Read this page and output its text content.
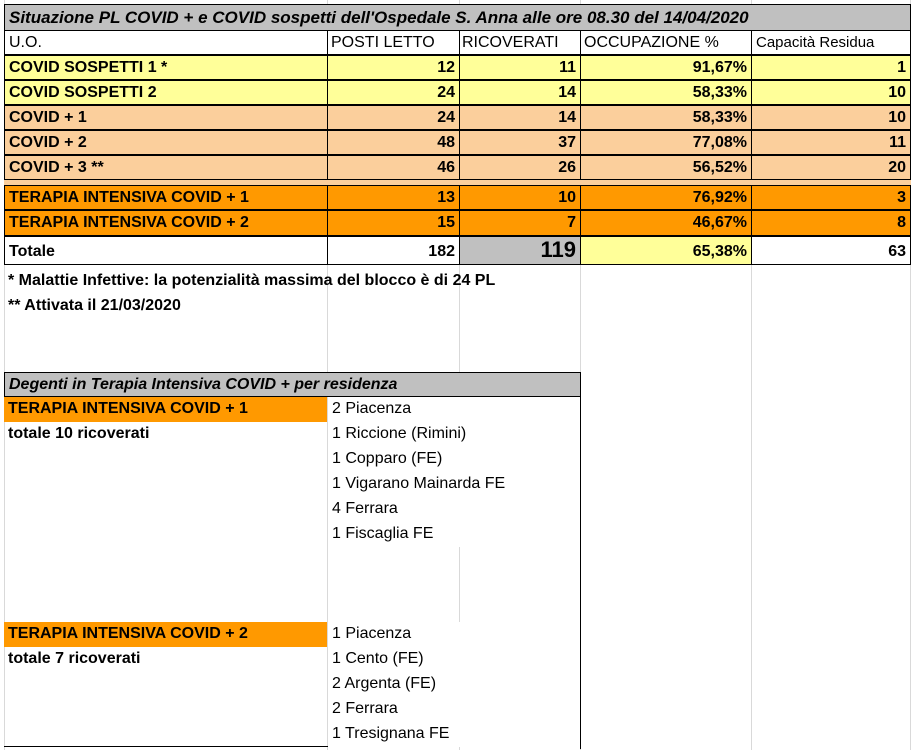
Situazione PL COVID + e COVID sospetti dell'Ospedale S. Anna alle ore 08.30 del 14/04/2020
U.O.	POSTI LETTO	RICOVERATI	OCCUPAZIONE %	Capacità Residua
COVID SOSPETTI 1 *	12	11	91,67%	1
COVID SOSPETTI 2	24	14	58,33%	10
COVID + 1	24	14	58,33%	10
COVID + 2	48	37	77,08%	11
COVID + 3 **	46	26	56,52%	20
TERAPIA INTENSIVA COVID + 1	13	10	76,92%	3
TERAPIA INTENSIVA COVID + 2	15	7	46,67%	8
Totale	182	119	65,38%	63
* Malattie Infettive: la potenzialità massima del blocco è di 24 PL
** Attivata il 21/03/2020
Degenti in Terapia Intensiva COVID + per residenza
TERAPIA INTENSIVA COVID + 1
totale 10 ricoverati
2 Piacenza
1 Riccione (Rimini)
1 Copparo (FE)
1 Vigarano Mainarda FE
4 Ferrara
1 Fiscaglia FE
TERAPIA INTENSIVA COVID + 2
totale 7 ricoverati
1 Piacenza
1 Cento (FE)
2 Argenta (FE)
2 Ferrara
1 Tresignana FE
